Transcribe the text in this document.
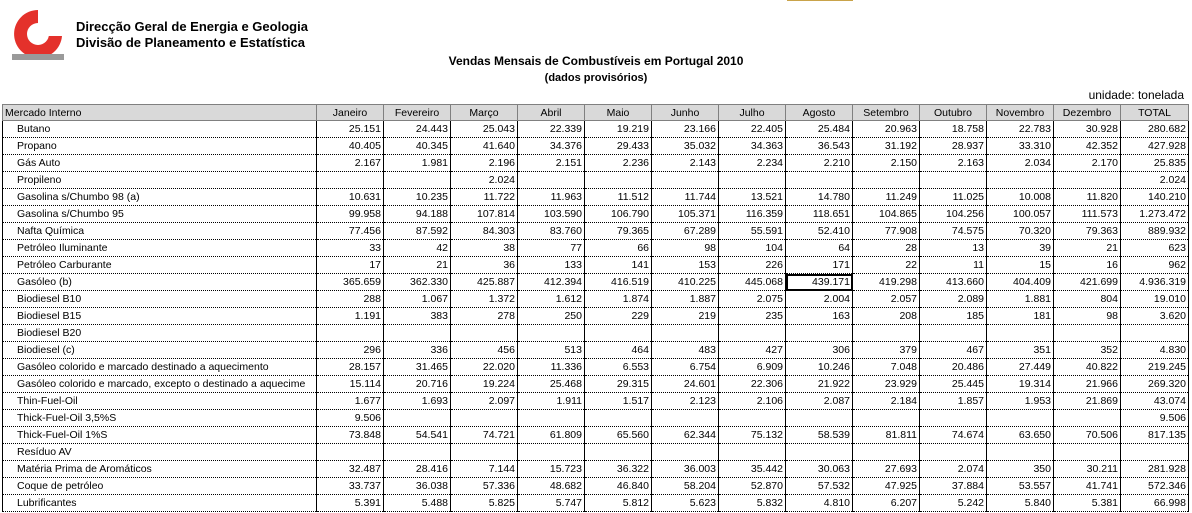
Direcção Geral de Energia e Geologia
Divisão de Planeamento e Estatística
Vendas Mensais de Combustíveis em Portugal 2010
(dados provisórios)
unidade: tonelada
Mercado Interno	Janeiro	Fevereiro	Março	Abril	Maio	Junho	Julho	Agosto	Setembro	Outubro	Novembro	Dezembro	TOTAL
Butano	25.151	24.443	25.043	22.339	19.219	23.166	22.405	25.484	20.963	18.758	22.783	30.928	280.682
Propano	40.405	40.345	41.640	34.376	29.433	35.032	34.363	36.543	31.192	28.937	33.310	42.352	427.928
Gás Auto	2.167	1.981	2.196	2.151	2.236	2.143	2.234	2.210	2.150	2.163	2.034	2.170	25.835
Propileno			2.024										2.024
Gasolina s/Chumbo 98 (a)	10.631	10.235	11.722	11.963	11.512	11.744	13.521	14.780	11.249	11.025	10.008	11.820	140.210
Gasolina s/Chumbo 95	99.958	94.188	107.814	103.590	106.790	105.371	116.359	118.651	104.865	104.256	100.057	111.573	1.273.472
Nafta Química	77.456	87.592	84.303	83.760	79.365	67.289	55.591	52.410	77.908	74.575	70.320	79.363	889.932
Petróleo Iluminante	33	42	38	77	66	98	104	64	28	13	39	21	623
Petróleo Carburante	17	21	36	133	141	153	226	171	22	11	15	16	962
Gasóleo (b)	365.659	362.330	425.887	412.394	416.519	410.225	445.068	439.171	419.298	413.660	404.409	421.699	4.936.319
Biodiesel B10	288	1.067	1.372	1.612	1.874	1.887	2.075	2.004	2.057	2.089	1.881	804	19.010
Biodiesel B15	1.191	383	278	250	229	219	235	163	208	185	181	98	3.620
Biodiesel B20													
Biodiesel (c)	296	336	456	513	464	483	427	306	379	467	351	352	4.830
Gasóleo colorido e marcado destinado a aquecimento	28.157	31.465	22.020	11.336	6.553	6.754	6.909	10.246	7.048	20.486	27.449	40.822	219.245
Gasóleo colorido e marcado, excepto o destinado a aquecime	15.114	20.716	19.224	25.468	29.315	24.601	22.306	21.922	23.929	25.445	19.314	21.966	269.320
Thin-Fuel-Oil	1.677	1.693	2.097	1.911	1.517	2.123	2.106	2.087	2.184	1.857	1.953	21.869	43.074
Thick-Fuel-Oil 3,5%S	9.506												9.506
Thick-Fuel-Oil 1%S	73.848	54.541	74.721	61.809	65.560	62.344	75.132	58.539	81.811	74.674	63.650	70.506	817.135
Resíduo AV													
Matéria Prima de Aromáticos	32.487	28.416	7.144	15.723	36.322	36.003	35.442	30.063	27.693	2.074	350	30.211	281.928
Coque de petróleo	33.737	36.038	57.336	48.682	46.840	58.204	52.870	57.532	47.925	37.884	53.557	41.741	572.346
Lubrificantes	5.391	5.488	5.825	5.747	5.812	5.623	5.832	4.810	6.207	5.242	5.840	5.381	66.998
